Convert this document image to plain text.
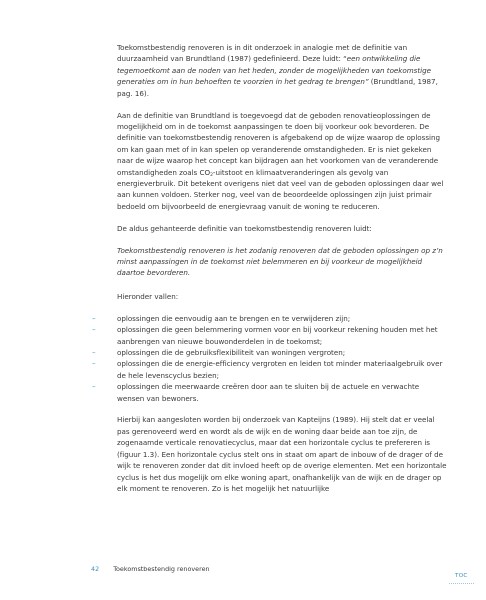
Toekomstbestendig renoveren is in dit onderzoek in analogie met de definitie van duurzaamheid van Brundtland (1987) gedefinieerd. Deze luidt: “een ontwikkeling die tegemoetkomt aan de noden van het heden, zonder de mogelijkheden van toekomstige generaties om in hun behoeften te voorzien in het gedrag te brengen” (Brundtland, 1987, pag. 16).

Aan de definitie van Brundtland is toegevoegd dat de geboden renovatieoplossingen de mogelijkheid om in de toekomst aanpassingen te doen bij voorkeur ook bevorderen. De definitie van toekomstbestendig renoveren is afgebakend op de wijze waarop de oplossing om kan gaan met of in kan spelen op veranderende omstandigheden. Er is niet gekeken naar de wijze waarop het concept kan bijdragen aan het voorkomen van de veranderende omstandigheden zoals $CO_2$-uitstoot en klimaatveranderingen als gevolg van energieverbruik. Dit betekent overigens niet dat veel van de geboden oplossingen daar wel aan kunnen voldoen. Sterker nog, veel van de beoordeelde oplossingen zijn juist primair bedoeld om bijvoorbeeld de energievraag vanuit de woning te reduceren.

De aldus gehanteerde definitie van toekomstbestendig renoveren luidt:

Toekomstbestendig renoveren is het zodanig renoveren dat de geboden oplossingen op z’n minst aanpassingen in de toekomst niet belemmeren en bij voorkeur de mogelijkheid daartoe bevorderen.

Hieronder vallen:

–	oplossingen die eenvoudig aan te brengen en te verwijderen zijn;
–	oplossingen die geen belemmering vormen voor en bij voorkeur rekening houden met het aanbrengen van nieuwe bouwonderdelen in de toekomst;
–	oplossingen die de gebruiksflexibiliteit van woningen vergroten;
–	oplossingen die de energie-efficiency vergroten en leiden tot minder materiaalgebruik over de hele levenscyclus bezien;
–	oplossingen die meerwaarde creëren door aan te sluiten bij de actuele en verwachte wensen van bewoners.

Hierbij kan aangesloten worden bij onderzoek van Kapteijns (1989). Hij stelt dat er veelal pas gerenoveerd werd en wordt als de wijk en de woning daar beide aan toe zijn, de zogenaamde verticale renovatiecyclus, maar dat een horizontale cyclus te prefereren is (figuur 1.3). Een horizontale cyclus stelt ons in staat om apart de inbouw of de drager of de wijk te renoveren zonder dat dit invloed heeft op de overige elementen. Met een horizontale cyclus is het dus mogelijk om elke woning apart, onafhankelijk van de wijk en de drager op elk moment te renoveren. Zo is het mogelijk het natuurlijke

42 Toekomstbestendig renoveren
TOC
